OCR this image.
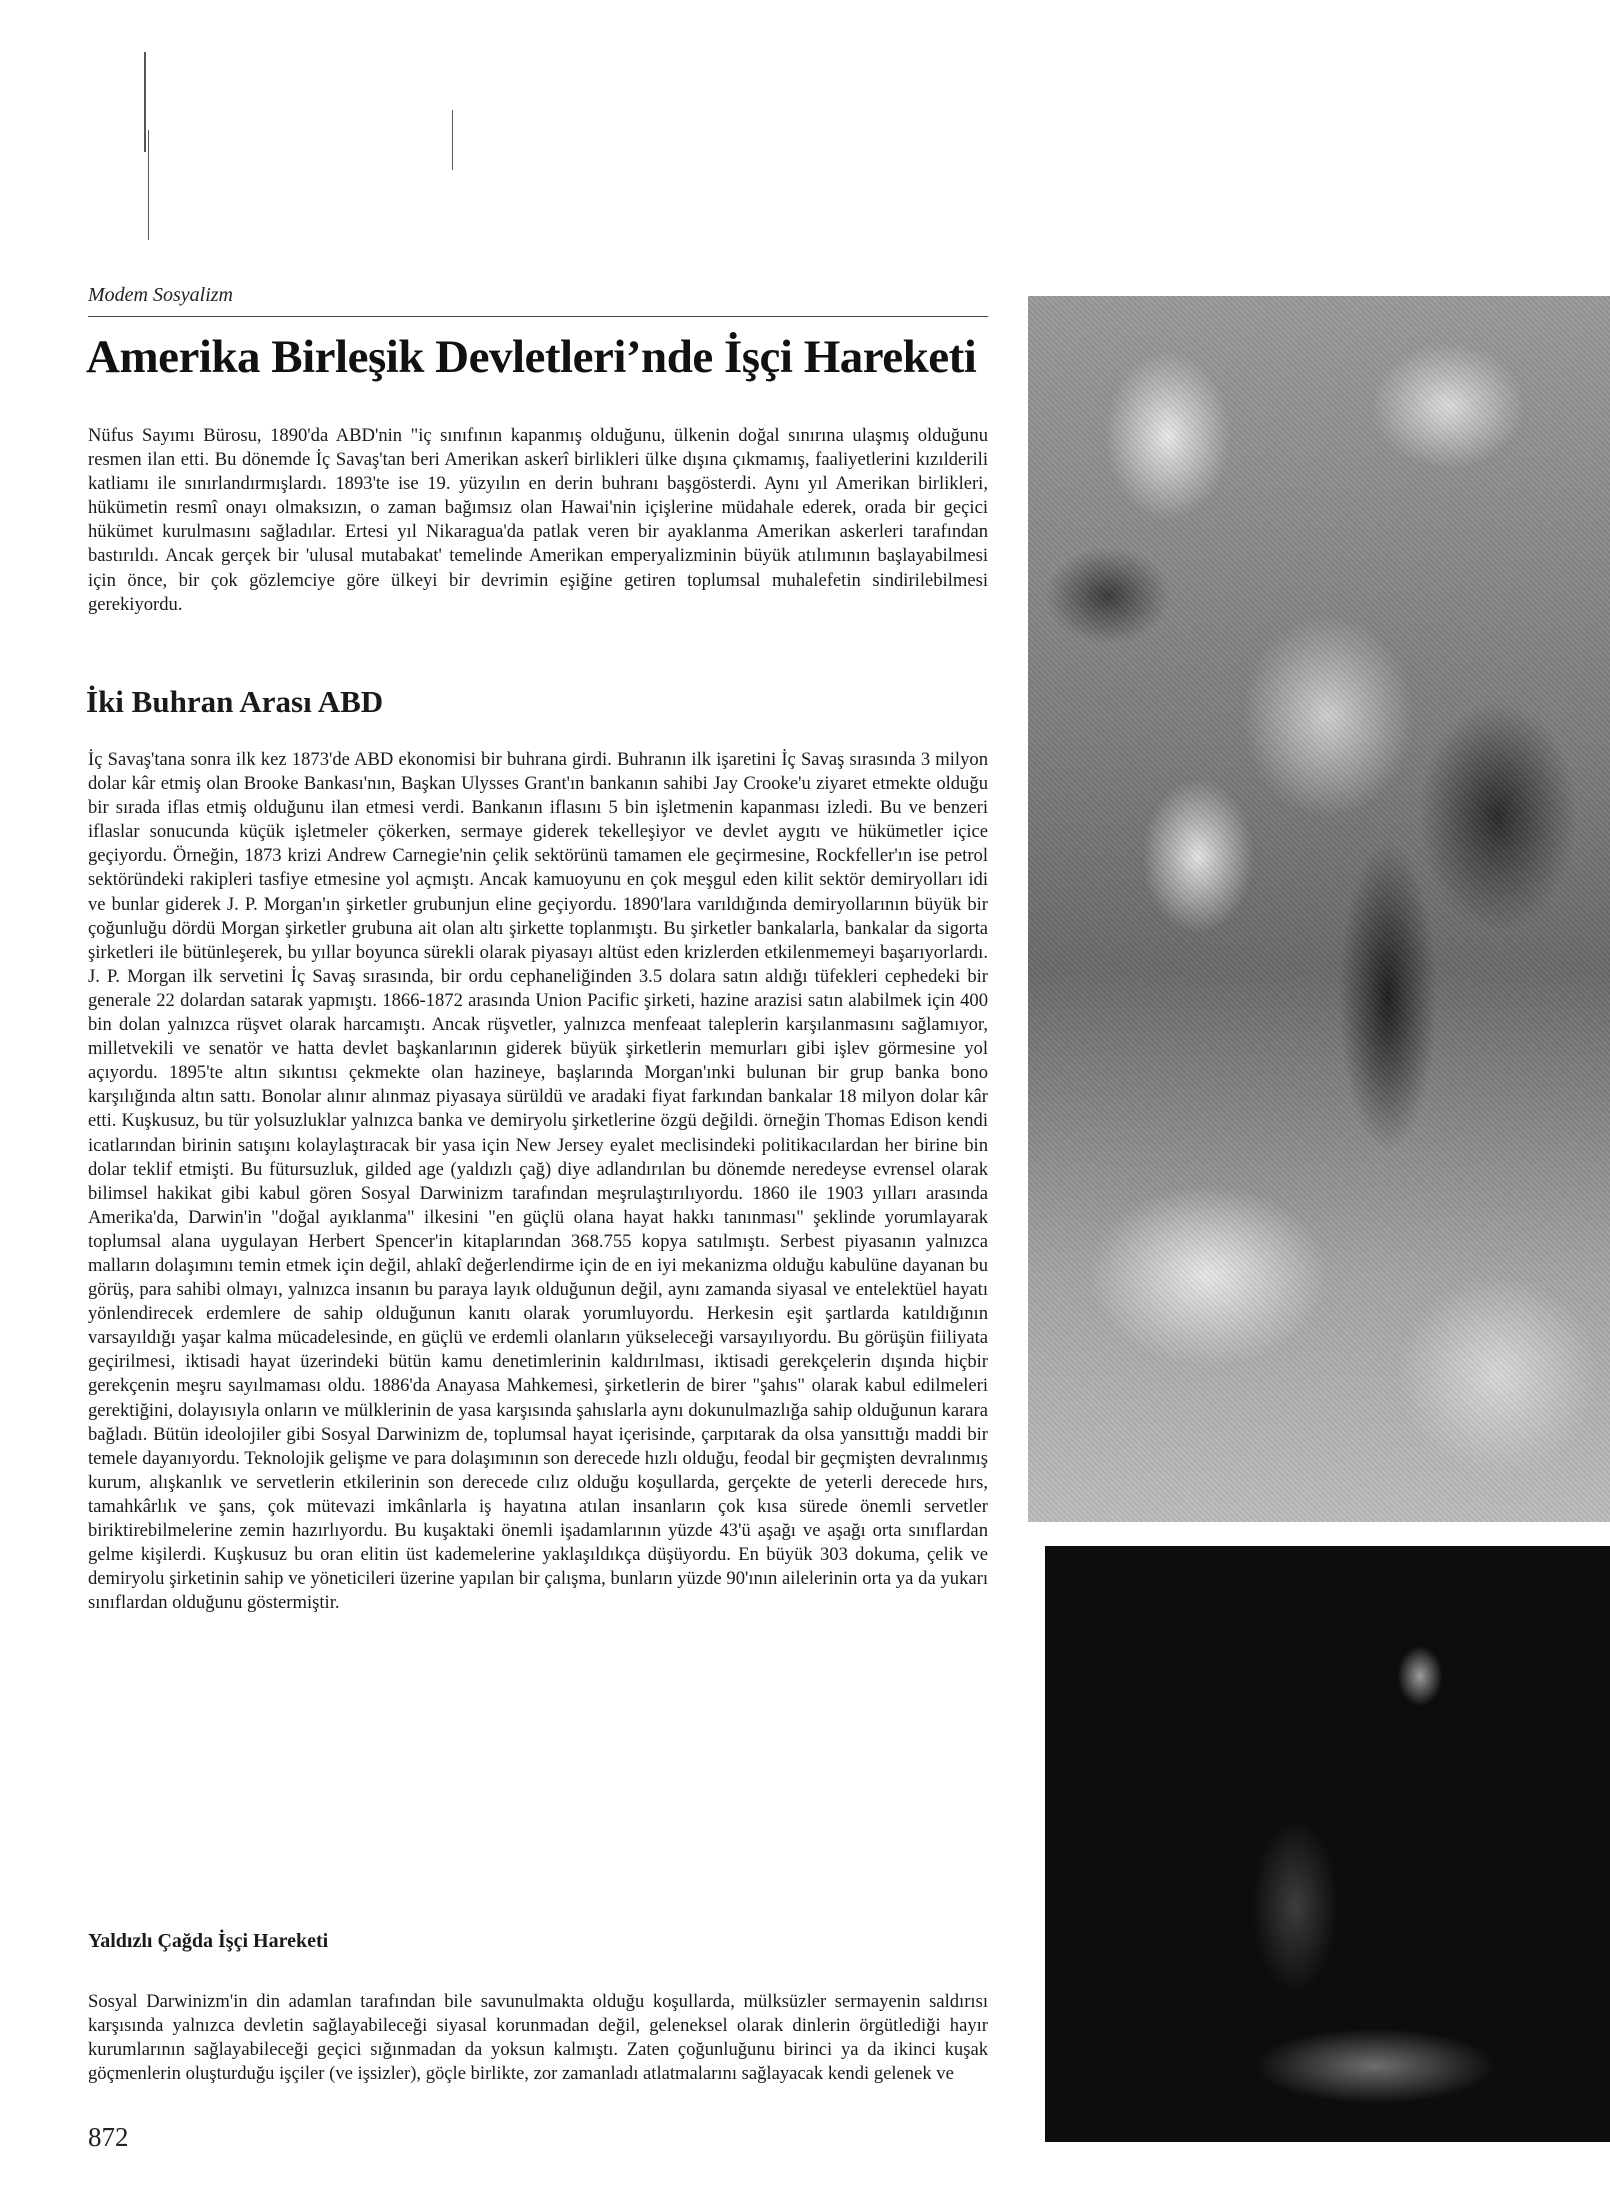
Modem Sosyalizm
Amerika Birleşik Devletleri’nde İşçi Hareketi

Nüfus Sayımı Bürosu, 1890'da ABD'nin "iç sınıfının kapanmış olduğunu, ülkenin doğal sınırına ulaşmış olduğunu resmen ilan etti. Bu dönemde İç Savaş'tan beri Amerikan askerî birlikleri ülke dışına çıkmamış, faaliyetlerini kızılderili katliamı ile sınırlandırmışlardı. 1893'te ise 19. yüzyılın en derin buhranı başgösterdi. Aynı yıl Amerikan birlikleri, hükümetin resmî onayı olmaksızın, o zaman bağımsız olan Hawai'nin içişlerine müdahale ederek, orada bir geçici hükümet kurulmasını sağladılar. Ertesi yıl Nikaragua'da patlak veren bir ayaklanma Amerikan askerleri tarafından bastırıldı. Ancak gerçek bir 'ulusal mutabakat' temelinde Amerikan emperyalizminin büyük atılımının başlayabilmesi için önce, bir çok gözlemciye göre ülkeyi bir devrimin eşiğine getiren toplumsal muhalefetin sindirilebilmesi gerekiyordu.

İki Buhran Arası ABD

İç Savaş'tana sonra ilk kez 1873'de ABD ekonomisi bir buhrana girdi. Buhranın ilk işaretini İç Savaş sırasında 3 milyon dolar kâr etmiş olan Brooke Bankası'nın, Başkan Ulysses Grant'ın bankanın sahibi Jay Crooke'u ziyaret etmekte olduğu bir sırada iflas etmiş olduğunu ilan etmesi verdi. Bankanın iflasını 5 bin işletmenin kapanması izledi. Bu ve benzeri iflaslar sonucunda küçük işletmeler çökerken, sermaye giderek tekelleşiyor ve devlet aygıtı ve hükümetler içice geçiyordu. Örneğin, 1873 krizi Andrew Carnegie'nin çelik sektörünü tamamen ele geçirmesine, Rockfeller'ın ise petrol sektöründeki rakipleri tasfiye etmesine yol açmıştı. Ancak kamuoyunu en çok meşgul eden kilit sektör demiryolları idi ve bunlar giderek J. P. Morgan'ın şirketler grubunjun eline geçiyordu. 1890'lara varıldığında demiryollarının büyük bir çoğunluğu dördü Morgan şirketler grubuna ait olan altı şirkette toplanmıştı. Bu şirketler bankalarla, bankalar da sigorta şirketleri ile bütünleşerek, bu yıllar boyunca sürekli olarak piyasayı altüst eden krizlerden etkilenmemeyi başarıyorlardı. J. P. Morgan ilk servetini İç Savaş sırasında, bir ordu cephaneliğinden 3.5 dolara satın aldığı tüfekleri cephedeki bir generale 22 dolardan satarak yapmıştı. 1866-1872 arasında Union Pacific şirketi, hazine arazisi satın alabilmek için 400 bin dolan yalnızca rüşvet olarak harcamıştı. Ancak rüşvetler, yalnızca menfeaat taleplerin karşılanmasını sağlamıyor, milletvekili ve senatör ve hatta devlet başkanlarının giderek büyük şirketlerin memurları gibi işlev görmesine yol açıyordu. 1895'te altın sıkıntısı çekmekte olan hazineye, başlarında Morgan'ınki bulunan bir grup banka bono karşılığında altın sattı. Bonolar alınır alınmaz piyasaya sürüldü ve aradaki fiyat farkından bankalar 18 milyon dolar kâr etti. Kuşkusuz, bu tür yolsuzluklar yalnızca banka ve demiryolu şirketlerine özgü değildi. örneğin Thomas Edison kendi icatlarından birinin satışını kolaylaştıracak bir yasa için New Jersey eyalet meclisindeki politikacılardan her birine bin dolar teklif etmişti. Bu fütursuzluk, gilded age (yaldızlı çağ) diye adlandırılan bu dönemde neredeyse evrensel olarak bilimsel hakikat gibi kabul gören Sosyal Darwinizm tarafından meşrulaştırılıyordu. 1860 ile 1903 yılları arasında Amerika'da, Darwin'in "doğal ayıklanma" ilkesini "en güçlü olana hayat hakkı tanınması" şeklinde yorumlayarak toplumsal alana uygulayan Herbert Spencer'in kitaplarından 368.755 kopya satılmıştı. Serbest piyasanın yalnızca malların dolaşımını temin etmek için değil, ahlakî değerlendirme için de en iyi mekanizma olduğu kabulüne dayanan bu görüş, para sahibi olmayı, yalnızca insanın bu paraya layık olduğunun değil, aynı zamanda siyasal ve entelektüel hayatı yönlendirecek erdemlere de sahip olduğunun kanıtı olarak yorumluyordu. Herkesin eşit şartlarda katıldığının varsayıldığı yaşar kalma mücadelesinde, en güçlü ve erdemli olanların yükseleceği varsayılıyordu. Bu görüşün fiiliyata geçirilmesi, iktisadi hayat üzerindeki bütün kamu denetimlerinin kaldırılması, iktisadi gerekçelerin dışında hiçbir gerekçenin meşru sayılmaması oldu. 1886'da Anayasa Mahkemesi, şirketlerin de birer "şahıs" olarak kabul edilmeleri gerektiğini, dolayısıyla onların ve mülklerinin de yasa karşısında şahıslarla aynı dokunulmazlığa sahip olduğunun karara bağladı. Bütün ideolojiler gibi Sosyal Darwinizm de, toplumsal hayat içerisinde, çarpıtarak da olsa yansıttığı maddi bir temele dayanıyordu. Teknolojik gelişme ve para dolaşımının son derecede hızlı olduğu, feodal bir geçmişten devralınmış kurum, alışkanlık ve servetlerin etkilerinin son derecede cılız olduğu koşullarda, gerçekte de yeterli derecede hırs, tamahkârlık ve şans, çok mütevazi imkânlarla iş hayatına atılan insanların çok kısa sürede önemli servetler biriktirebilmelerine zemin hazırlıyordu. Bu kuşaktaki önemli işadamlarının yüzde 43'ü aşağı ve aşağı orta sınıflardan gelme kişilerdi. Kuşkusuz bu oran elitin üst kademelerine yaklaşıldıkça düşüyordu. En büyük 303 dokuma, çelik ve demiryolu şirketinin sahip ve yöneticileri üzerine yapılan bir çalışma, bunların yüzde 90'ının ailelerinin orta ya da yukarı sınıflardan olduğunu göstermiştir.

Yaldızlı Çağda İşçi Hareketi

Sosyal Darwinizm'in din adamlan tarafından bile savunulmakta olduğu koşullarda, mülksüzler sermayenin saldırısı karşısında yalnızca devletin sağlayabileceği siyasal korunmadan değil, geleneksel olarak dinlerin örgütlediği hayır kurumlarının sağlayabileceği geçici sığınmadan da yoksun kalmıştı. Zaten çoğunluğunu birinci ya da ikinci kuşak göçmenlerin oluşturduğu işçiler (ve işsizler), göçle birlikte, zor zamanladı atlatmalarını sağlayacak kendi gelenek ve

872
